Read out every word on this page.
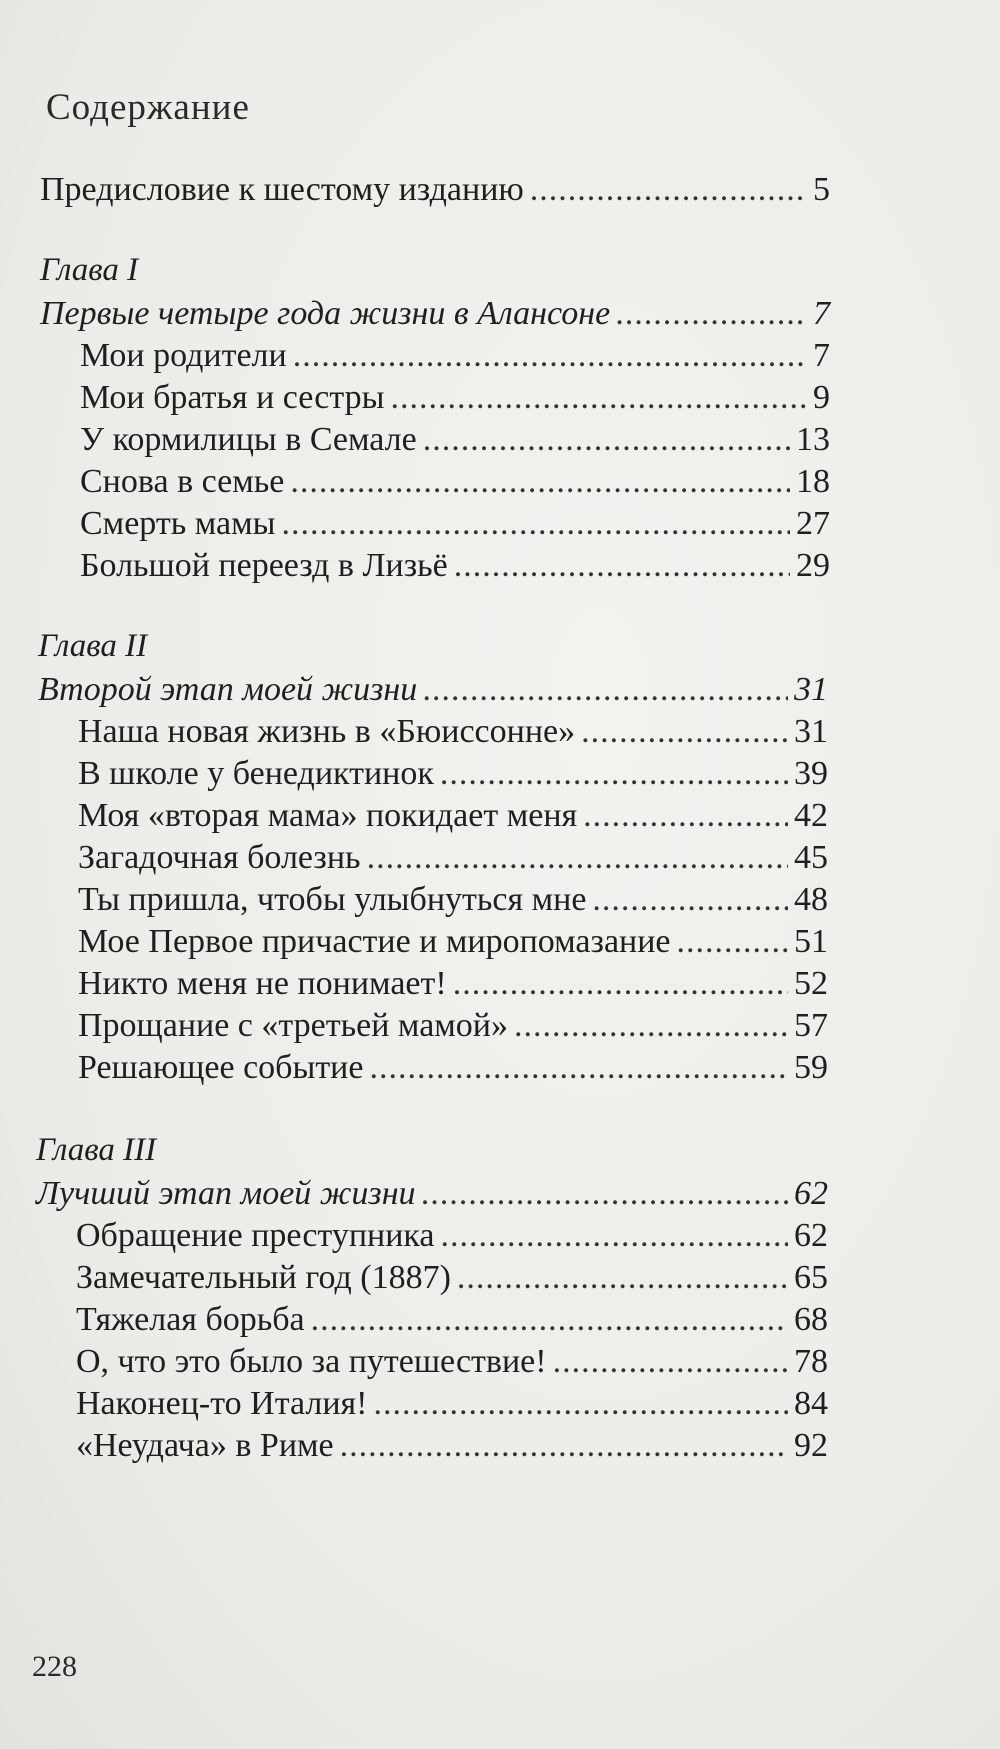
Содержание
Предисловие к шестому изданию .....	5
Глава I
Первые четыре года жизни в Алансоне .....	7
Мои родители .....	7
Мои братья и сестры .....	9
У кормилицы в Семале .....	13
Снова в семье .....	18
Смерть мамы .....	27
Большой переезд в Лизьё .....	29
Глава II
Второй этап моей жизни .....	31
Наша новая жизнь в «Бюиссонне» .....	31
В школе у бенедиктинок .....	39
Моя «вторая мама» покидает меня .....	42
Загадочная болезнь .....	45
Ты пришла, чтобы улыбнуться мне .....	48
Мое Первое причастие и миропомазание .....	51
Никто меня не понимает! .....	52
Прощание с «третьей мамой» .....	57
Решающее событие .....	59
Глава III
Лучший этап моей жизни .....	62
Обращение преступника .....	62
Замечательный год (1887) .....	65
Тяжелая борьба .....	68
О, что это было за путешествие! .....	78
Наконец-то Италия! .....	84
«Неудача» в Риме .....	92
228
